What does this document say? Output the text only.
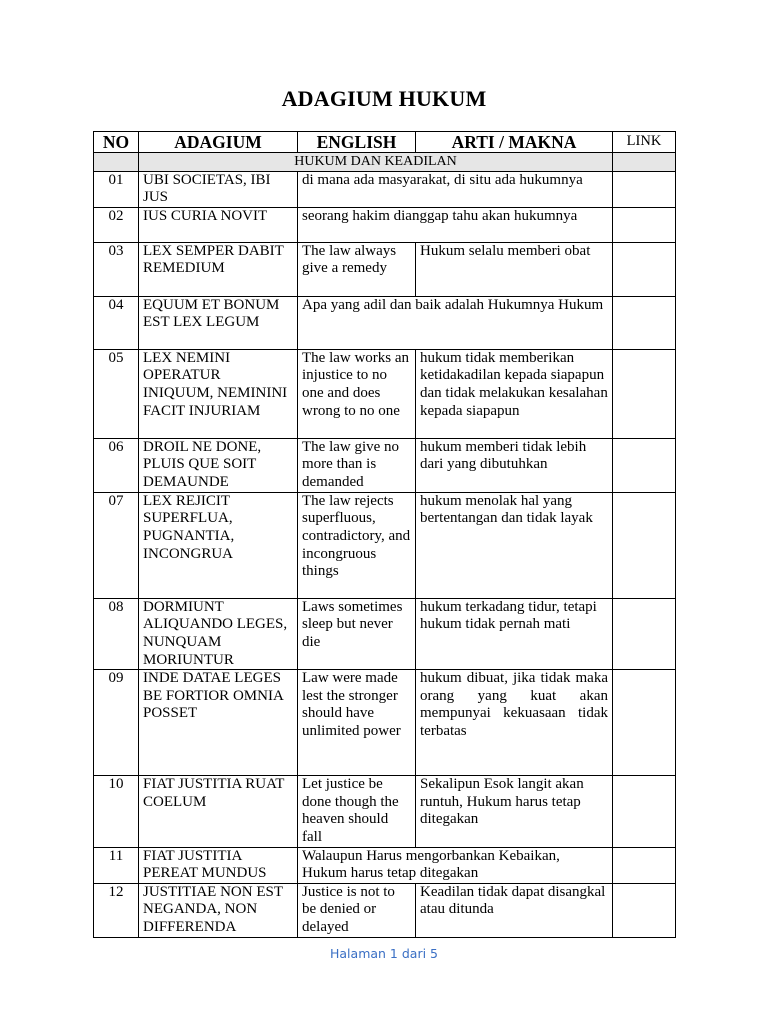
ADAGIUM HUKUM
NO	ADAGIUM	ENGLISH	ARTI / MAKNA	LINK
	HUKUM DAN KEADILAN			
01	UBI SOCIETAS, IBI JUS	di mana ada masyarakat, di situ ada hukumnya		
02	IUS CURIA NOVIT	seorang hakim dianggap tahu akan hukumnya		
03	LEX SEMPER DABIT REMEDIUM	The law always give a remedy	Hukum selalu memberi obat	
04	EQUUM ET BONUM EST LEX LEGUM	Apa yang adil dan baik adalah Hukumnya Hukum		
05	LEX NEMINI OPERATUR INIQUUM, NEMININI FACIT INJURIAM	The law works an injustice to no one and does wrong to no one	hukum tidak memberikan ketidakadilan kepada siapapun dan tidak melakukan kesalahan kepada siapapun	
06	DROIL NE DONE, PLUIS QUE SOIT DEMAUNDE	The law give no more than is demanded	hukum memberi tidak lebih dari yang dibutuhkan	
07	LEX REJICIT SUPERFLUA, PUGNANTIA, INCONGRUA	The law rejects superfluous, contradictory, and incongruous things	hukum menolak hal yang bertentangan dan tidak layak	
08	DORMIUNT ALIQUANDO LEGES, NUNQUAM MORIUNTUR	Laws sometimes sleep but never die	hukum terkadang tidur, tetapi hukum tidak pernah mati	
09	INDE DATAE LEGES BE FORTIOR OMNIA POSSET	Law were made lest the stronger should have unlimited power	hukum dibuat, jika tidak maka orang yang kuat akan mempunyai kekuasaan tidak terbatas	
10	FIAT JUSTITIA RUAT COELUM	Let justice be done though the heaven should fall	Sekalipun Esok langit akan runtuh, Hukum harus tetap ditegakan	
11	FIAT JUSTITIA PEREAT MUNDUS	Walaupun Harus mengorbankan Kebaikan, Hukum harus tetap ditegakan		
12	JUSTITIAE NON EST NEGANDA, NON DIFFERENDA	Justice is not to be denied or delayed	Keadilan tidak dapat disangkal atau ditunda	
Halaman 1 dari 5
